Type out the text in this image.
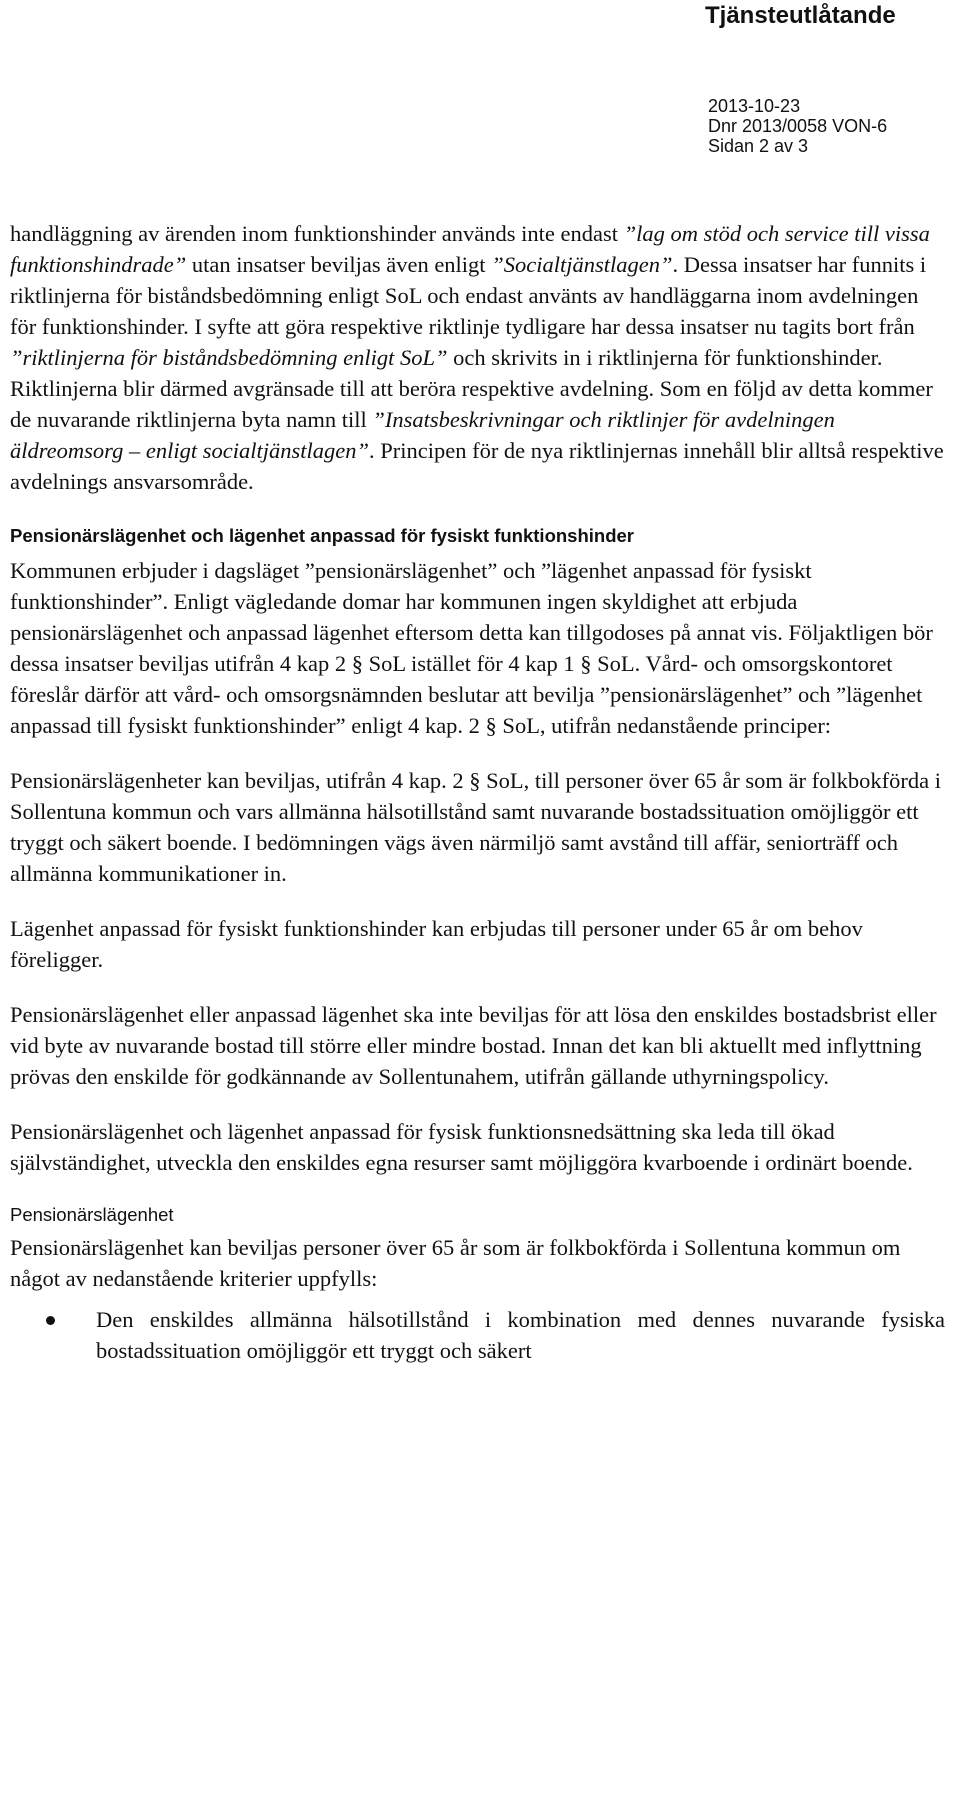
Tjänsteutlåtande
2013-10-23
Dnr 2013/0058 VON-6
Sidan 2 av 3

handläggning av ärenden inom funktionshinder används inte endast ”lag om stöd och service till vissa funktionshindrade” utan insatser beviljas även enligt ”Socialtjänstlagen”. Dessa insatser har funnits i riktlinjerna för biståndsbedömning enligt SoL och endast använts av handläggarna inom avdelningen för funktionshinder. I syfte att göra respektive riktlinje tydligare har dessa insatser nu tagits bort från ”riktlinjerna för biståndsbedömning enligt SoL” och skrivits in i riktlinjerna för funktionshinder. Riktlinjerna blir därmed avgränsade till att beröra respektive avdelning. Som en följd av detta kommer de nuvarande riktlinjerna byta namn till ”Insatsbeskrivningar och riktlinjer för avdelningen äldreomsorg – enligt socialtjänstlagen”. Principen för de nya riktlinjernas innehåll blir alltså respektive avdelnings ansvarsområde.

Pensionärslägenhet och lägenhet anpassad för fysiskt funktionshinder

Kommunen erbjuder i dagsläget ”pensionärslägenhet” och ”lägenhet anpassad för fysiskt funktionshinder”. Enligt vägledande domar har kommunen ingen skyldighet att erbjuda pensionärslägenhet och anpassad lägenhet eftersom detta kan tillgodoses på annat vis. Följaktligen bör dessa insatser beviljas utifrån 4 kap 2 § SoL istället för 4 kap 1 § SoL. Vård- och omsorgskontoret föreslår därför att vård- och omsorgsnämnden beslutar att bevilja ”pensionärslägenhet” och ”lägenhet anpassad till fysiskt funktionshinder” enligt 4 kap. 2 § SoL, utifrån nedanstående principer:

Pensionärslägenheter kan beviljas, utifrån 4 kap. 2 § SoL, till personer över 65 år som är folkbokförda i Sollentuna kommun och vars allmänna hälsotillstånd samt nuvarande bostadssituation omöjliggör ett tryggt och säkert boende. I bedömningen vägs även närmiljö samt avstånd till affär, seniorträff och allmänna kommunikationer in.

Lägenhet anpassad för fysiskt funktionshinder kan erbjudas till personer under 65 år om behov föreligger.

Pensionärslägenhet eller anpassad lägenhet ska inte beviljas för att lösa den enskildes bostadsbrist eller vid byte av nuvarande bostad till större eller mindre bostad. Innan det kan bli aktuellt med inflyttning prövas den enskilde för godkännande av Sollentunahem, utifrån gällande uthyrningspolicy.

Pensionärslägenhet och lägenhet anpassad för fysisk funktionsnedsättning ska leda till ökad självständighet, utveckla den enskildes egna resurser samt möjliggöra kvarboende i ordinärt boende.

Pensionärslägenhet

Pensionärslägenhet kan beviljas personer över 65 år som är folkbokförda i Sollentuna kommun om något av nedanstående kriterier uppfylls:

Den enskildes allmänna hälsotillstånd i kombination med dennes nuvarande fysiska bostadssituation omöjliggör ett tryggt och säkert
